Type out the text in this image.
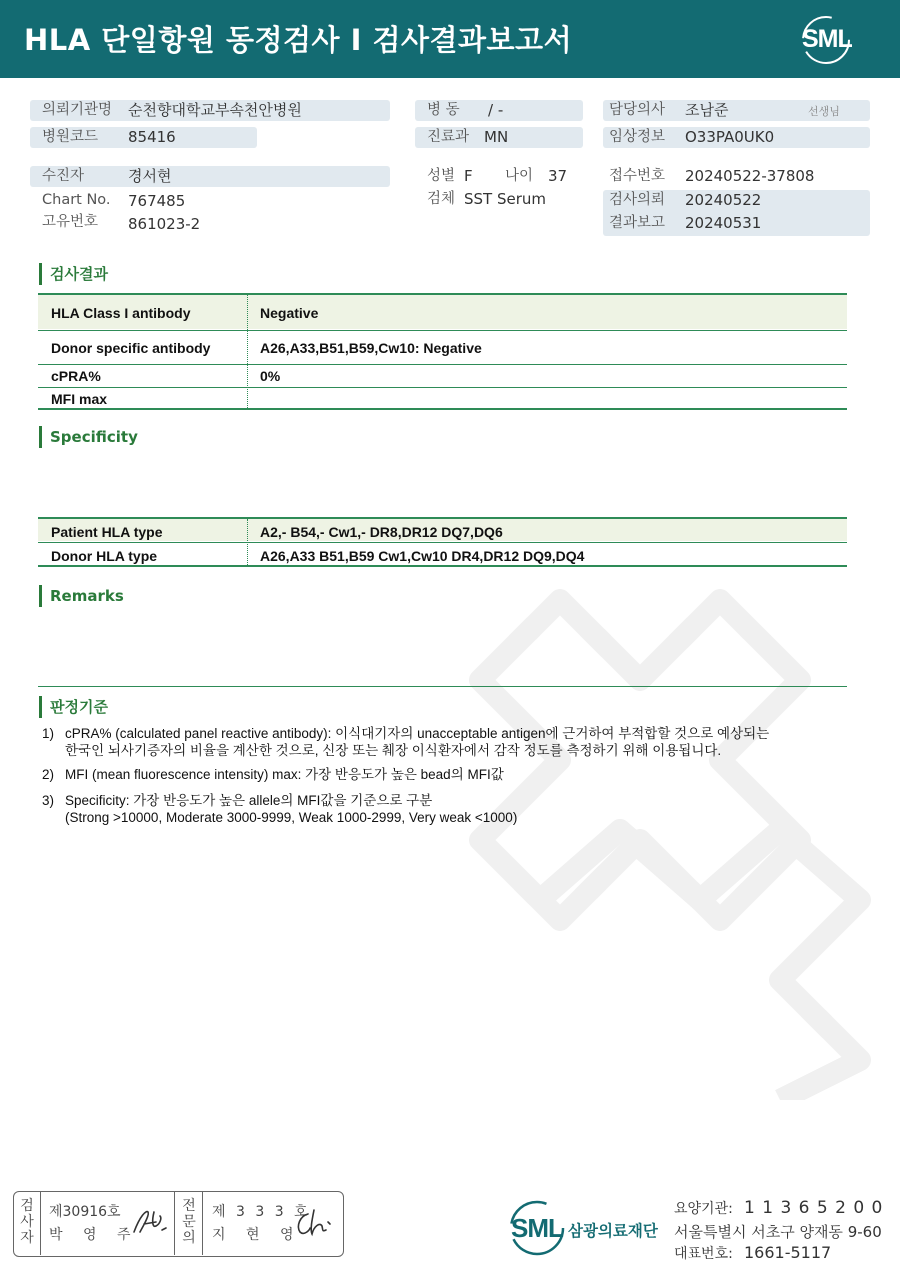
HLA 단일항원 동정검사 I 검사결과보고서	SML
의뢰기관명 순천향대학교부속천안병원
병원코드 85416
병 동 / -
진료과 MN
담당의사 조남준	선생님
임상정보 O33PA0UK0
수진자	경서현
Chart No. 767485
고유번호 861023-2
성별 F 나이 37
검체 SST Serum
접수번호 20240522-37808
검사의뢰 20240522
결과보고 20240531
검사결과
HLA Class I antibody	Negative
Donor specific antibody	A26,A33,B51,B59,Cw10: Negative
cPRA%	0%
MFI max
Specificity
Patient HLA type	A2,- B54,- Cw1,- DR8,DR12 DQ7,DQ6
Donor HLA type	A26,A33 B51,B59 Cw1,Cw10 DR4,DR12 DQ9,DQ4
Remarks
판정기준
1) cPRA% (calculated panel reactive antibody): 이식대기자의 unacceptable antigen에 근거하여 부적합할 것으로 예상되는
한국인 뇌사기증자의 비율을 계산한 것으로, 신장 또는 췌장 이식환자에서 감작 정도를 측정하기 위해 이용됩니다.
2) MFI (mean fluorescence intensity) max: 가장 반응도가 높은 bead의 MFI값
3) Specificity: 가장 반응도가 높은 allele의 MFI값을 기준으로 구분
(Strong >10000, Moderate 3000-9999, Weak 1000-2999, Very weak <1000)
검
사
자
제30916호
박 영 주
전
문
의
제 3 3 3 호
지 현 영	SML 삼광의료재단
요양기관: 1 1 3 6 5 2 0 0
서울특별시 서초구 양재동 9-60
대표번호: 1661-5117
